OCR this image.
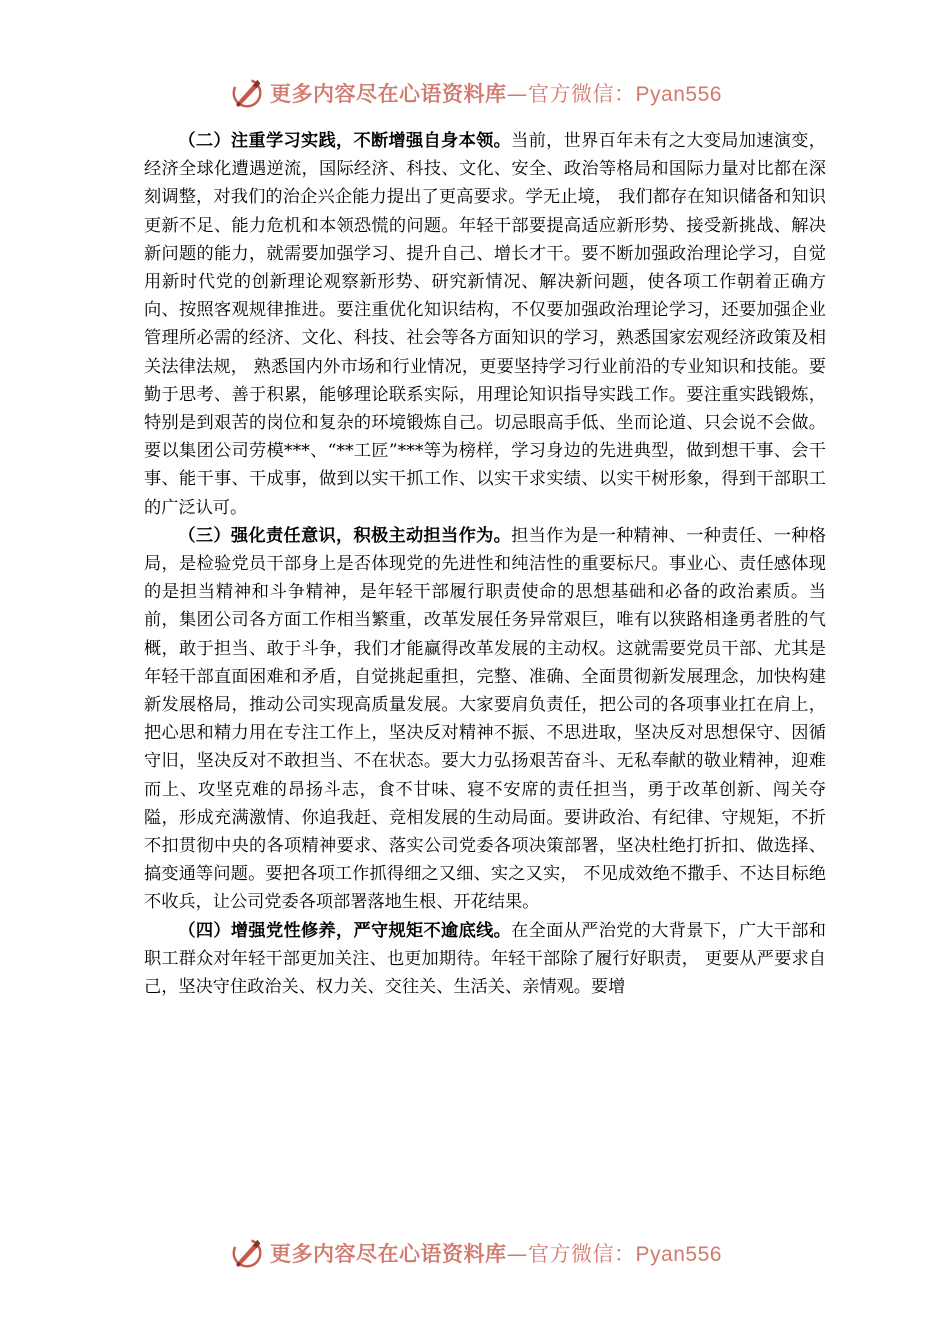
更多内容尽在心语资料库—官方微信：Pyan556

（二）注重学习实践，不断增强自身本领。当前，世界百年未有之大变局加速演变，经济全球化遭遇逆流，国际经济、科技、文化、安全、政治等格局和国际力量对比都在深刻调整，对我们的治企兴企能力提出了更高要求。学无止境， 我们都存在知识储备和知识更新不足、能力危机和本领恐慌的问题。年轻干部要提高适应新形势、接受新挑战、解决新问题的能力，就需要加强学习、提升自己、增长才干。要不断加强政治理论学习，自觉用新时代党的创新理论观察新形势、研究新情况、解决新问题，使各项工作朝着正确方向、按照客观规律推进。要注重优化知识结构，不仅要加强政治理论学习，还要加强企业管理所必需的经济、文化、科技、社会等各方面知识的学习，熟悉国家宏观经济政策及相关法律法规， 熟悉国内外市场和行业情况，更要坚持学习行业前沿的专业知识和技能。要勤于思考、善于积累，能够理论联系实际，用理论知识指导实践工作。要注重实践锻炼，特别是到艰苦的岗位和复杂的环境锻炼自己。切忌眼高手低、坐而论道、只会说不会做。要以集团公司劳模***、“**工匠”***等为榜样，学习身边的先进典型，做到想干事、会干事、能干事、干成事，做到以实干抓工作、以实干求实绩、以实干树形象，得到干部职工的广泛认可。

（三）强化责任意识，积极主动担当作为。担当作为是一种精神、一种责任、一种格局，是检验党员干部身上是否体现党的先进性和纯洁性的重要标尺。事业心、责任感体现的是担当精神和斗争精神，是年轻干部履行职责使命的思想基础和必备的政治素质。当前，集团公司各方面工作相当繁重，改革发展任务异常艰巨，唯有以狭路相逢勇者胜的气概，敢于担当、敢于斗争，我们才能赢得改革发展的主动权。这就需要党员干部、尤其是年轻干部直面困难和矛盾，自觉挑起重担，完整、准确、全面贯彻新发展理念，加快构建新发展格局，推动公司实现高质量发展。大家要肩负责任，把公司的各项事业扛在肩上，把心思和精力用在专注工作上，坚决反对精神不振、不思进取，坚决反对思想保守、因循守旧，坚决反对不敢担当、不在状态。要大力弘扬艰苦奋斗、无私奉献的敬业精神，迎难而上、攻坚克难的昂扬斗志，食不甘味、寝不安席的责任担当，勇于改革创新、闯关夺隘，形成充满激情、你追我赶、竞相发展的生动局面。要讲政治、有纪律、守规矩，不折不扣贯彻中央的各项精神要求、落实公司党委各项决策部署，坚决杜绝打折扣、做选择、搞变通等问题。要把各项工作抓得细之又细、实之又实， 不见成效绝不撒手、不达目标绝不收兵，让公司党委各项部署落地生根、开花结果。

（四）增强党性修养，严守规矩不逾底线。在全面从严治党的大背景下，广大干部和职工群众对年轻干部更加关注、也更加期待。年轻干部除了履行好职责， 更要从严要求自己，坚决守住政治关、权力关、交往关、生活关、亲情观。要增

更多内容尽在心语资料库—官方微信：Pyan556
